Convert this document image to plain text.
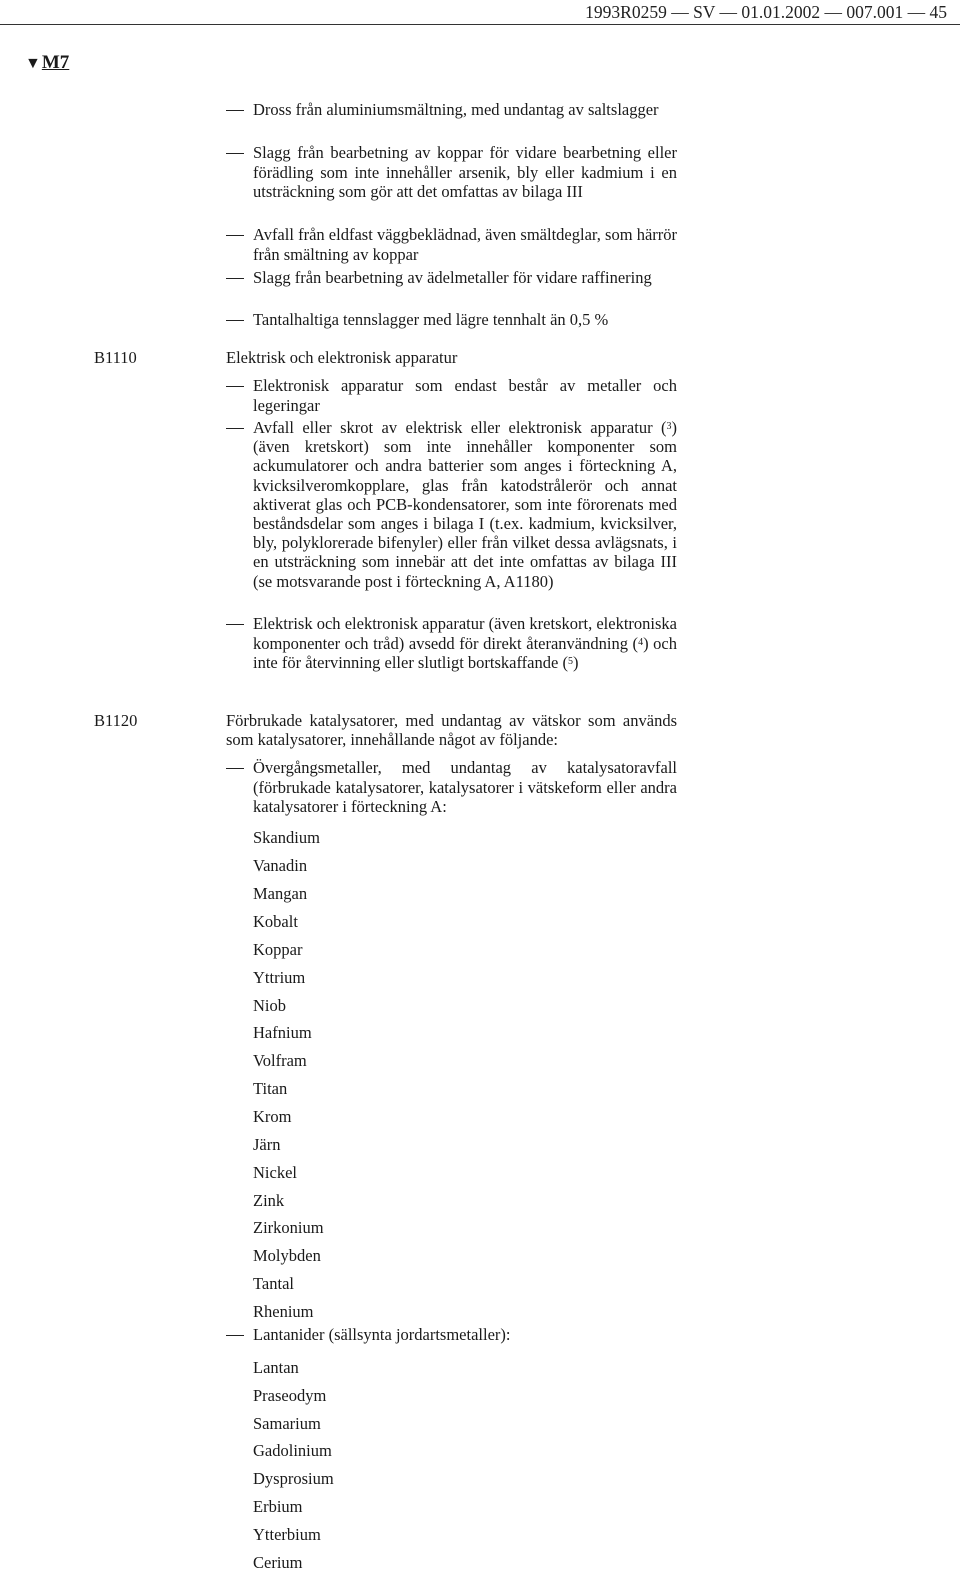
1993R0259 — SV — 01.01.2002 — 007.001 — 45
▼M7
Dross från aluminiumsmältning, med undantag av saltslagger
Slagg från bearbetning av koppar för vidare bearbetning eller förädling som inte innehåller arsenik, bly eller kadmium i en utsträckning som gör att det omfattas av bilaga III
Avfall från eldfast väggbeklädnad, även smältdeglar, som härrör från smältning av koppar
Slagg från bearbetning av ädelmetaller för vidare raffinering
Tantalhaltiga tennslagger med lägre tennhalt än 0,5 %
B1110	Elektrisk och elektronisk apparatur
Elektronisk apparatur som endast består av metaller och legeringar
Avfall eller skrot av elektrisk eller elektronisk apparatur ($^3$) (även kretskort) som inte innehåller komponenter som ackumulatorer och andra batterier som anges i förteckning A, kvicksilveromkopplare, glas från katodstrålerör och annat aktiverat glas och PCB-kondensatorer, som inte förorenats med beståndsdelar som anges i bilaga I (t.ex. kadmium, kvicksilver, bly, polyklorerade bifenyler) eller från vilket dessa avlägsnats, i en utsträckning som innebär att det inte omfattas av bilaga III (se motsvarande post i förteckning A, A1180)
Elektrisk och elektronisk apparatur (även kretskort, elektroniska komponenter och tråd) avsedd för direkt återanvändning ($^4$) och inte för återvinning eller slutligt bortskaffande ($^5$)
B1120	Förbrukade katalysatorer, med undantag av vätskor som används som katalysatorer, innehållande något av följande:
Övergångsmetaller, med undantag av katalysatoravfall (förbrukade katalysatorer, katalysatorer i vätskeform eller andra katalysatorer i förteckning A:
Skandium
Vanadin
Mangan
Kobalt
Koppar
Yttrium
Niob
Hafnium
Volfram
Titan
Krom
Järn
Nickel
Zink
Zirkonium
Molybden
Tantal
Rhenium
Lantanider (sällsynta jordartsmetaller):
Lantan
Praseodym
Samarium
Gadolinium
Dysprosium
Erbium
Ytterbium
Cerium
